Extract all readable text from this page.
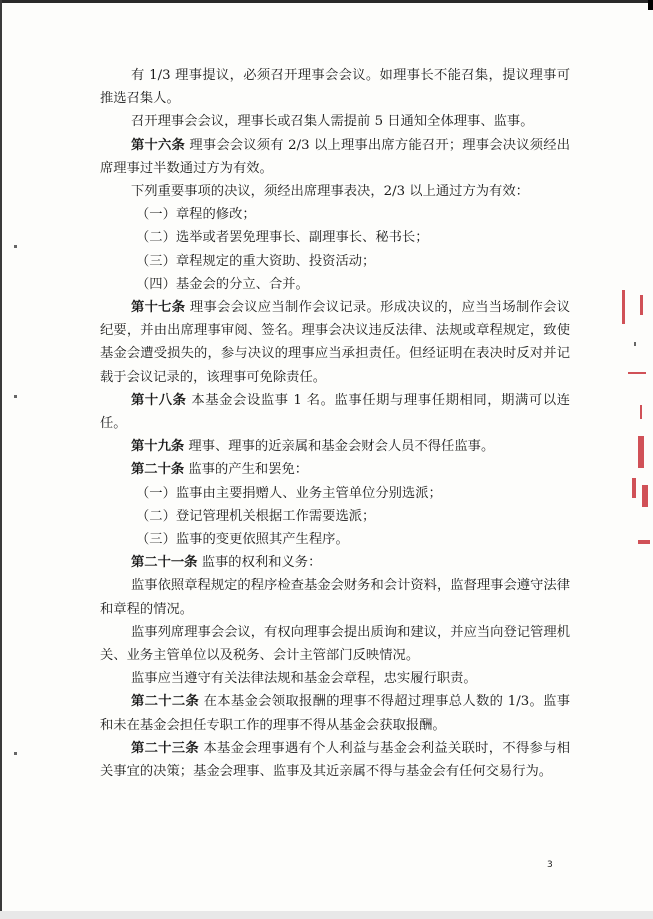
有 1/3 理事提议，必须召开理事会会议。如理事长不能召集，提议理事可推选召集人。

召开理事会会议，理事长或召集人需提前 5 日通知全体理事、监事。

第十六条 理事会会议须有 2/3 以上理事出席方能召开；理事会决议须经出席理事过半数通过方为有效。

下列重要事项的决议，须经出席理事表决，2/3 以上通过方为有效：

（一）章程的修改；

（二）选举或者罢免理事长、副理事长、秘书长；

（三）章程规定的重大资助、投资活动；

（四）基金会的分立、合并。

第十七条 理事会会议应当制作会议记录。形成决议的，应当当场制作会议纪要，并由出席理事审阅、签名。理事会决议违反法律、法规或章程规定，致使基金会遭受损失的，参与决议的理事应当承担责任。但经证明在表决时反对并记载于会议记录的，该理事可免除责任。

第十八条 本基金会设监事 1 名。监事任期与理事任期相同，期满可以连任。

第十九条 理事、理事的近亲属和基金会财会人员不得任监事。

第二十条 监事的产生和罢免：

（一）监事由主要捐赠人、业务主管单位分别选派；

（二）登记管理机关根据工作需要选派；

（三）监事的变更依照其产生程序。

第二十一条 监事的权利和义务：

监事依照章程规定的程序检查基金会财务和会计资料，监督理事会遵守法律和章程的情况。

监事列席理事会会议，有权向理事会提出质询和建议，并应当向登记管理机关、业务主管单位以及税务、会计主管部门反映情况。

监事应当遵守有关法律法规和基金会章程，忠实履行职责。

第二十二条 在本基金会领取报酬的理事不得超过理事总人数的 1/3。监事和未在基金会担任专职工作的理事不得从基金会获取报酬。

第二十三条 本基金会理事遇有个人利益与基金会利益关联时，不得参与相关事宜的决策；基金会理事、监事及其近亲属不得与基金会有任何交易行为。

3
